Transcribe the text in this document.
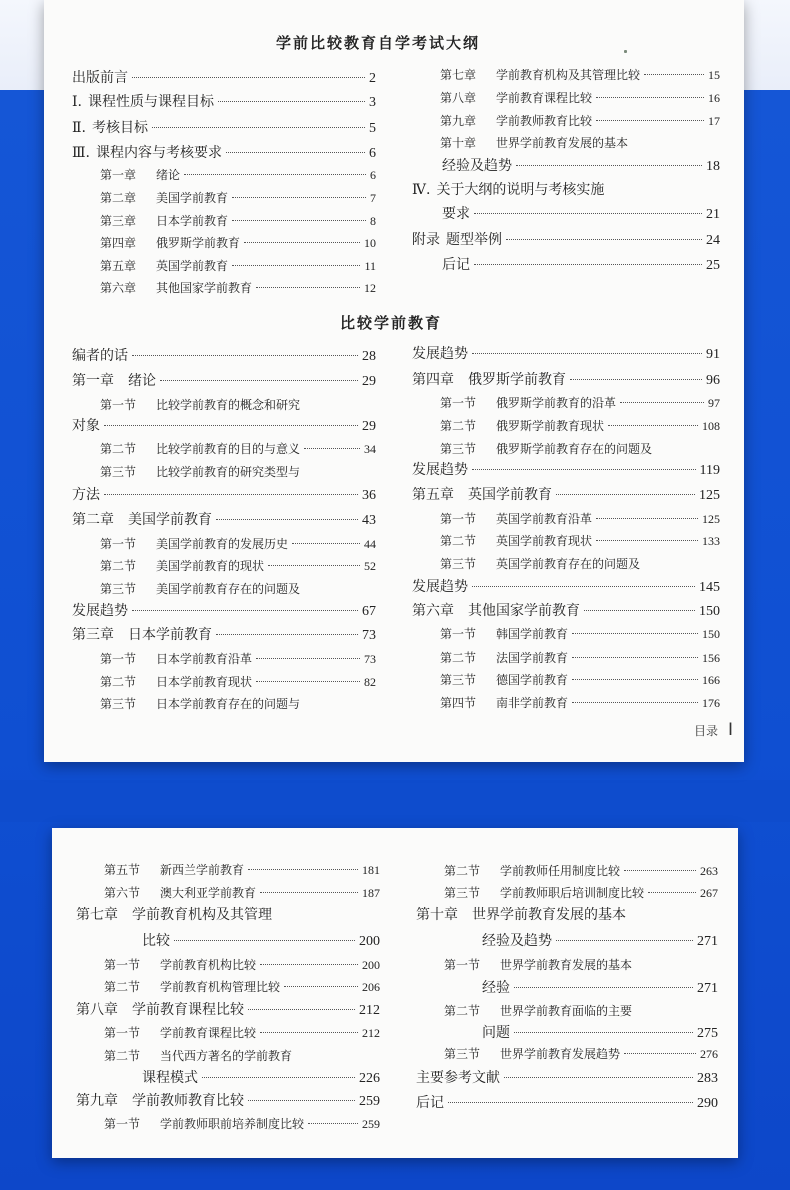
学前比较教育自学考试大纲
比较学前教育
目录 Ⅰ
出版前言	2
Ⅰ. 课程性质与课程目标	3
Ⅱ. 考核目标	5
Ⅲ. 课程内容与考核要求	6
第一章	绪论	6
第二章	美国学前教育	7
第三章	日本学前教育	8
第四章	俄罗斯学前教育	10
第五章	英国学前教育	11
第六章	其他国家学前教育	12
第七章	学前教育机构及其管理比较	15
第八章	学前教育课程比较	16
第九章	学前教师教育比较	17
第十章	世界学前教育发展的基本
经验及趋势	18
Ⅳ. 关于大纲的说明与考核实施
要求	21
附录 题型举例	24
后记	25
编者的话	28
第一章 绪论	29
第一节	比较学前教育的概念和研究
对象	29
第二节	比较学前教育的目的与意义	34
第三节	比较学前教育的研究类型与
方法	36
第二章 美国学前教育	43
第一节	美国学前教育的发展历史	44
第二节	美国学前教育的现状	52
第三节	美国学前教育存在的问题及
发展趋势	67
第三章 日本学前教育	73
第一节	日本学前教育沿革	73
第二节	日本学前教育现状	82
第三节	日本学前教育存在的问题与
发展趋势	91
第四章 俄罗斯学前教育	96
第一节	俄罗斯学前教育的沿革	97
第二节	俄罗斯学前教育现状	108
第三节	俄罗斯学前教育存在的问题及
发展趋势	119
第五章 英国学前教育	125
第一节	英国学前教育沿革	125
第二节	英国学前教育现状	133
第三节	英国学前教育存在的问题及
发展趋势	145
第六章 其他国家学前教育	150
第一节	韩国学前教育	150
第二节	法国学前教育	156
第三节	德国学前教育	166
第四节	南非学前教育	176
第五节	新西兰学前教育	181
第六节	澳大利亚学前教育	187
第七章 学前教育机构及其管理
比较	200
第一节	学前教育机构比较	200
第二节	学前教育机构管理比较	206
第八章 学前教育课程比较	212
第一节	学前教育课程比较	212
第二节	当代西方著名的学前教育
课程模式	226
第九章 学前教师教育比较	259
第一节	学前教师职前培养制度比较	259
第二节	学前教师任用制度比较	263
第三节	学前教师职后培训制度比较	267
第十章 世界学前教育发展的基本
经验及趋势	271
第一节	世界学前教育发展的基本
经验	271
第二节	世界学前教育面临的主要
问题	275
第三节	世界学前教育发展趋势	276
主要参考文献	283
后记	290
